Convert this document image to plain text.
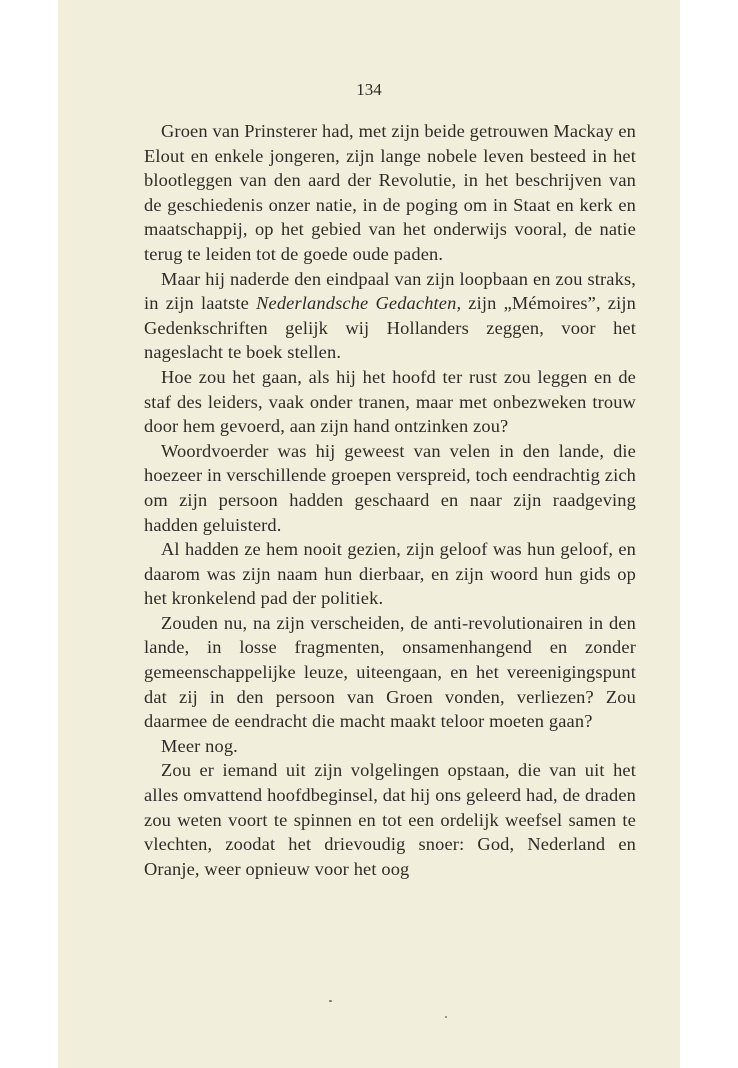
134

Groen van Prinsterer had, met zijn beide getrouwen Mackay en Elout en enkele jongeren, zijn lange nobele leven besteed in het blootleggen van den aard der Revolutie, in het beschrijven van de geschiedenis onzer natie, in de poging om in Staat en kerk en maatschappij, op het gebied van het onderwijs vooral, de natie terug te leiden tot de goede oude paden.

Maar hij naderde den eindpaal van zijn loopbaan en zou straks, in zijn laatste Nederlandsche Gedachten, zijn „Mémoires”, zijn Gedenkschriften gelijk wij Hollanders zeggen, voor het nageslacht te boek stellen.

Hoe zou het gaan, als hij het hoofd ter rust zou leggen en de staf des leiders, vaak onder tranen, maar met onbezweken trouw door hem gevoerd, aan zijn hand ontzinken zou?

Woordvoerder was hij geweest van velen in den lande, die hoezeer in verschillende groepen verspreid, toch eendrachtig zich om zijn persoon hadden geschaard en naar zijn raadgeving hadden geluisterd.

Al hadden ze hem nooit gezien, zijn geloof was hun geloof, en daarom was zijn naam hun dierbaar, en zijn woord hun gids op het kronkelend pad der politiek.

Zouden nu, na zijn verscheiden, de anti-revolutionairen in den lande, in losse fragmenten, onsamenhangend en zonder gemeenschappelijke leuze, uiteengaan, en het vereenigingspunt dat zij in den persoon van Groen vonden, verliezen? Zou daarmee de eendracht die macht maakt teloor moeten gaan?

Meer nog.

Zou er iemand uit zijn volgelingen opstaan, die van uit het alles omvattend hoofdbeginsel, dat hij ons geleerd had, de draden zou weten voort te spinnen en tot een ordelijk weefsel samen te vlechten, zoodat het drievoudig snoer: God, Nederland en Oranje, weer opnieuw voor het oog
